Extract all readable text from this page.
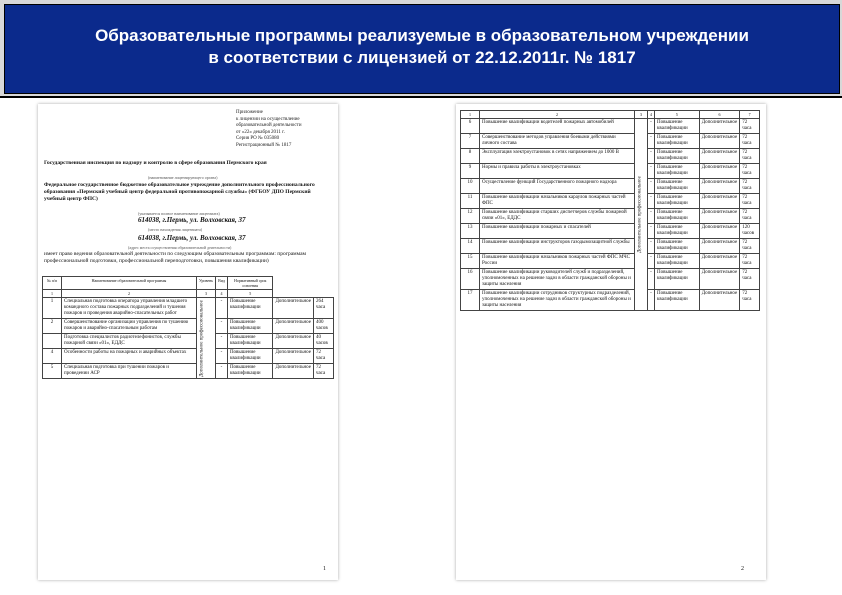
Образовательные программы реализуемые в образовательном учреждении
в соответствии с лицензией от 22.12.2011г. № 1817
Приложение
к лицензии на осуществление
образовательной деятельности
от «22» декабря 2011 г.
Серия РО № 035080
Регистрационный № 1817
Государственная инспекция по надзору и контролю в сфере образования Пермского края
(наименование лицензирующего органа)
Федеральное государственное бюджетное образовательное учреждение дополнительного профессионального образования «Пермский учебный центр федеральной противопожарной службы» (ФГБОУ ДПО Пермский учебный центр ФПС)
(указывается полное наименование лицензиата)
614038, г.Пермь, ул. Волховская, 37
(место нахождения лицензиата)
614038, г.Пермь, ул. Волховская, 37
(адрес места осуществления образовательной деятельности)
имеет право ведения образовательной деятельности по следующим образовательным программам: программам профессиональной подготовки, профессиональной переподготовки, повышения квалификации)
№ п/п	Наименование образовательной программы	Уровень	Вид	Нормативный срок освоения		
1	2	3	4	5		
1	Специальная подготовка оператора управления младшего командного состава пожарных подразделений и тушения пожаров и проведения аварийно-спасательных работ	Дополнительное профессиональное	-	Повышение квалификации	Дополнительное	264 часа
2	Совершенствование организации управления по тушению пожаров и аварийно-спасательным работам		-	Повышение квалификации	Дополнительное	400 часов
	Подготовка специалистов радиотелефонистов, службы пожарной связи «01», ЕДДС		-	Повышение квалификации	Дополнительное	40 часов
4	Особенности работы на пожарных и аварийных объектах		-	Повышение квалификации	Дополнительное	72 часа
5	Специальная подготовка при тушении пожаров и проведении АСР		-	Повышение квалификации	Дополнительное	72 часа
1
1	2	3	4	5	6	7
6	Повышение квалификации водителей пожарных автомобилей	Дополнительное профессиональное	-	Повышение квалификации	Дополнительное	72 часа
7	Совершенствование методов управления боевыми действиями личного состава		-	Повышение квалификации	Дополнительное	72 часа
8	Эксплуатация электроустановок в сетях напряжением до 1000 В		-	Повышение квалификации	Дополнительное	72 часа
9	Нормы и правила работы в электроустановках		-	Повышение квалификации	Дополнительное	72 часа
10	Осуществление функций Государственного пожарного надзора		-	Повышение квалификации	Дополнительное	72 часа
11	Повышение квалификации начальников караулов пожарных частей ФПС		-	Повышение квалификации	Дополнительное	72 часа
12	Повышение квалификации старших диспетчеров службы пожарной связи «01», ЕДДС		-	Повышение квалификации	Дополнительное	72 часа
13	Повышение квалификации пожарных и спасателей		-	Повышение квалификации	Дополнительное	120 часов
14	Повышение квалификации инструкторов газодымозащитной службы		-	Повышение квалификации	Дополнительное	72 часа
15	Повышение квалификации начальников пожарных частей ФПС МЧС России		-	Повышение квалификации	Дополнительное	72 часа
16	Повышение квалификации руководителей служб и подразделений, уполномоченных на решение задач в области гражданской обороны и защиты населения		-	Повышение квалификации	Дополнительное	72 часа
17	Повышение квалификации сотрудников структурных подразделений, уполномоченных на решение задач в области гражданской обороны и защиты населения		-	Повышение квалификации	Дополнительное	72 часа
2
